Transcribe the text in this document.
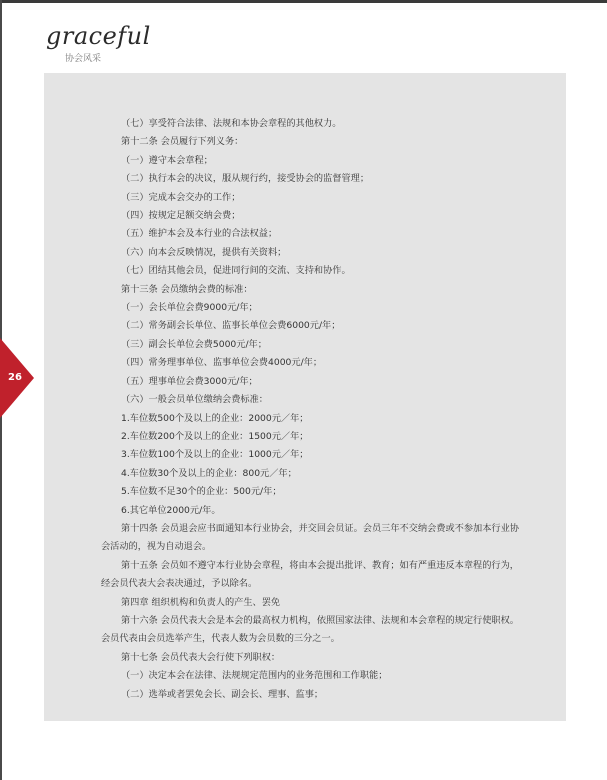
graceful
协会风采
26
（七）享受符合法律、法规和本协会章程的其他权力。
第十二条 会员履行下列义务：
（一）遵守本会章程；
（二）执行本会的决议，服从规行约，接受协会的监督管理；
（三）完成本会交办的工作；
（四）按规定足额交纳会费；
（五）维护本会及本行业的合法权益；
（六）向本会反映情况，提供有关资料；
（七）团结其他会员，促进同行间的交流、支持和协作。
第十三条 会员缴纳会费的标准：
（一）会长单位会费9000元/年；
（二）常务副会长单位、监事长单位会费6000元/年；
（三）副会长单位会费5000元/年；
（四）常务理事单位、监事单位会费4000元/年；
（五）理事单位会费3000元/年；
（六）一般会员单位缴纳会费标准：
1.车位数500个及以上的企业：2000元／年；
2.车位数200个及以上的企业：1500元／年；
3.车位数100个及以上的企业：1000元／年；
4.车位数30个及以上的企业：800元／年；
5.车位数不足30个的企业：500元/年；
6.其它单位2000元/年。
第十四条 会员退会应书面通知本行业协会，并交回会员证。会员三年不交纳会费或不参加本行业协会活动的，视为自动退会。
第十五条 会员如不遵守本行业协会章程，将由本会提出批评、教育；如有严重违反本章程的行为，经会员代表大会表决通过，予以除名。
第四章 组织机构和负责人的产生、罢免
第十六条 会员代表大会是本会的最高权力机构，依照国家法律、法规和本会章程的规定行使职权。会员代表由会员选举产生，代表人数为会员数的三分之一。
第十七条 会员代表大会行使下列职权：
（一）决定本会在法律、法规规定范围内的业务范围和工作职能；
（二）选举或者罢免会长、副会长、理事、监事；
